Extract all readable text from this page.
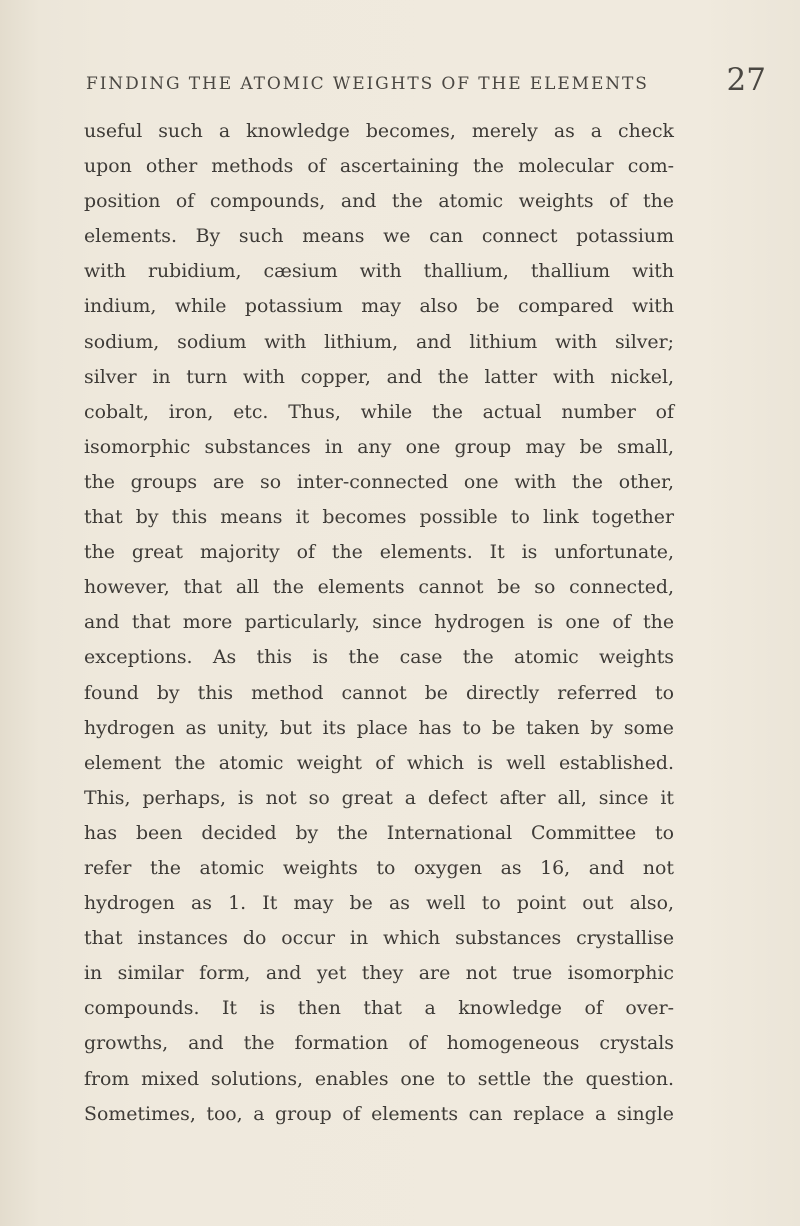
FINDING THE ATOMIC WEIGHTS OF THE ELEMENTS	27
useful such a knowledge becomes, merely as a check
upon other methods of ascertaining the molecular com-
position of compounds, and the atomic weights of the
elements. By such means we can connect potassium
with rubidium, cæsium with thallium, thallium with
indium, while potassium may also be compared with
sodium, sodium with lithium, and lithium with silver;
silver in turn with copper, and the latter with nickel,
cobalt, iron, etc. Thus, while the actual number of
isomorphic substances in any one group may be small,
the groups are so inter-connected one with the other,
that by this means it becomes possible to link together
the great majority of the elements. It is unfortunate,
however, that all the elements cannot be so connected,
and that more particularly, since hydrogen is one of the
exceptions. As this is the case the atomic weights
found by this method cannot be directly referred to
hydrogen as unity, but its place has to be taken by some
element the atomic weight of which is well established.
This, perhaps, is not so great a defect after all, since it
has been decided by the International Committee to
refer the atomic weights to oxygen as 16, and not
hydrogen as 1. It may be as well to point out also,
that instances do occur in which substances crystallise
in similar form, and yet they are not true isomorphic
compounds. It is then that a knowledge of over-
growths, and the formation of homogeneous crystals
from mixed solutions, enables one to settle the question.
Sometimes, too, a group of elements can replace a single
